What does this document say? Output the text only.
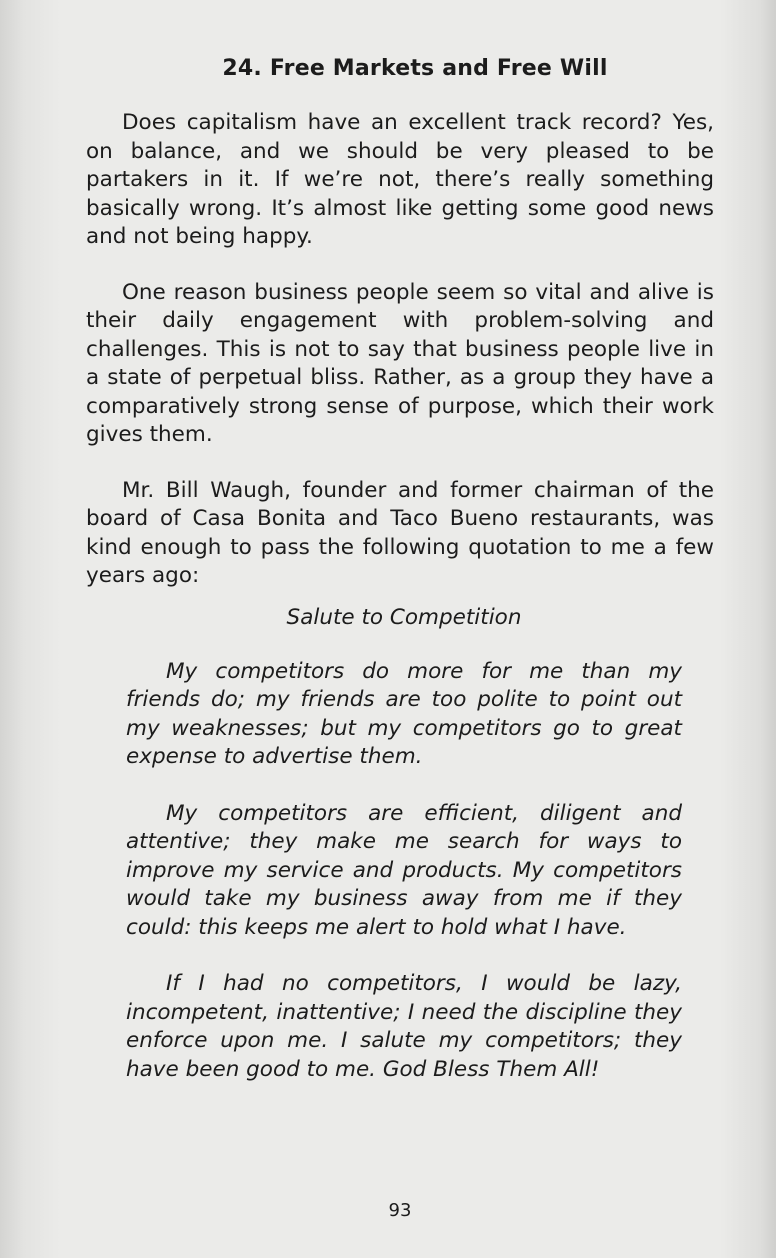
24. Free Markets and Free Will

Does capitalism have an excellent track record? Yes, on balance, and we should be very pleased to be partakers in it. If we’re not, there’s really something basically wrong. It’s almost like getting some good news and not being happy.

One reason business people seem so vital and alive is their daily engagement with problem-solving and challenges. This is not to say that business people live in a state of perpetual bliss. Rather, as a group they have a comparatively strong sense of purpose, which their work gives them.

Mr. Bill Waugh, founder and former chairman of the board of Casa Bonita and Taco Bueno restaurants, was kind enough to pass the following quotation to me a few years ago:

Salute to Competition

My competitors do more for me than my friends do; my friends are too polite to point out my weaknesses; but my competitors go to great expense to advertise them.

My competitors are efficient, diligent and attentive; they make me search for ways to improve my service and products. My competitors would take my business away from me if they could: this keeps me alert to hold what I have.

If I had no competitors, I would be lazy, incompetent, inattentive; I need the discipline they enforce upon me. I salute my competitors; they have been good to me. God Bless Them All!

93
